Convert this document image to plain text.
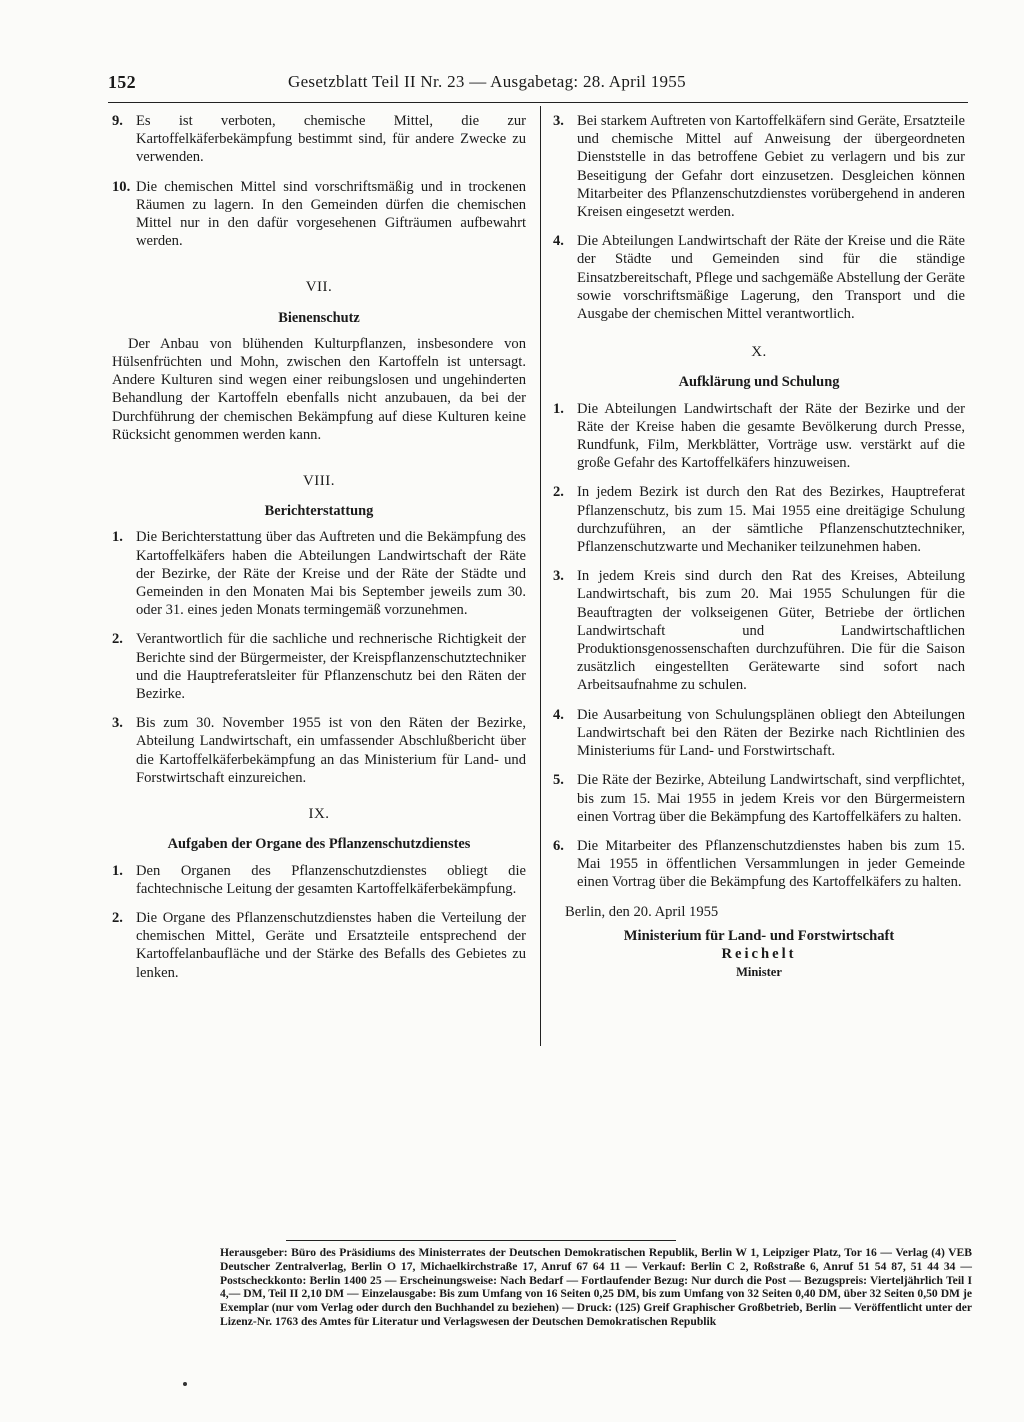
152	Gesetzblatt Teil II Nr. 23 — Ausgabetag: 28. April 1955
9. Es ist verboten, chemische Mittel, die zur Kartoffelkäferbekämpfung bestimmt sind, für andere Zwecke zu verwenden.
10. Die chemischen Mittel sind vorschriftsmäßig und in trockenen Räumen zu lagern. In den Gemeinden dürfen die chemischen Mittel nur in den dafür vorgesehenen Gifträumen aufbewahrt werden.
VII.
Bienenschutz
Der Anbau von blühenden Kulturpflanzen, insbesondere von Hülsenfrüchten und Mohn, zwischen den Kartoffeln ist untersagt. Andere Kulturen sind wegen einer reibungslosen und ungehinderten Behandlung der Kartoffeln ebenfalls nicht anzubauen, da bei der Durchführung der chemischen Bekämpfung auf diese Kulturen keine Rücksicht genommen werden kann.
VIII.
Berichterstattung
1. Die Berichterstattung über das Auftreten und die Bekämpfung des Kartoffelkäfers haben die Abteilungen Landwirtschaft der Räte der Bezirke, der Räte der Kreise und der Räte der Städte und Gemeinden in den Monaten Mai bis September jeweils zum 30. oder 31. eines jeden Monats termingemäß vorzunehmen.
2. Verantwortlich für die sachliche und rechnerische Richtigkeit der Berichte sind der Bürgermeister, der Kreispflanzenschutztechniker und die Hauptreferatsleiter für Pflanzenschutz bei den Räten der Bezirke.
3. Bis zum 30. November 1955 ist von den Räten der Bezirke, Abteilung Landwirtschaft, ein umfassender Abschlußbericht über die Kartoffelkäferbekämpfung an das Ministerium für Land- und Forstwirtschaft einzureichen.
IX.
Aufgaben der Organe des Pflanzenschutzdienstes
1. Den Organen des Pflanzenschutzdienstes obliegt die fachtechnische Leitung der gesamten Kartoffelkäferbekämpfung.
2. Die Organe des Pflanzenschutzdienstes haben die Verteilung der chemischen Mittel, Geräte und Ersatzteile entsprechend der Kartoffelanbaufläche und der Stärke des Befalls des Gebietes zu lenken.
3. Bei starkem Auftreten von Kartoffelkäfern sind Geräte, Ersatzteile und chemische Mittel auf Anweisung der übergeordneten Dienststelle in das betroffene Gebiet zu verlagern und bis zur Beseitigung der Gefahr dort einzusetzen. Desgleichen können Mitarbeiter des Pflanzenschutzdienstes vorübergehend in anderen Kreisen eingesetzt werden.
4. Die Abteilungen Landwirtschaft der Räte der Kreise und die Räte der Städte und Gemeinden sind für die ständige Einsatzbereitschaft, Pflege und sachgemäße Abstellung der Geräte sowie vorschriftsmäßige Lagerung, den Transport und die Ausgabe der chemischen Mittel verantwortlich.
X.
Aufklärung und Schulung
1. Die Abteilungen Landwirtschaft der Räte der Bezirke und der Räte der Kreise haben die gesamte Bevölkerung durch Presse, Rundfunk, Film, Merkblätter, Vorträge usw. verstärkt auf die große Gefahr des Kartoffelkäfers hinzuweisen.
2. In jedem Bezirk ist durch den Rat des Bezirkes, Hauptreferat Pflanzenschutz, bis zum 15. Mai 1955 eine dreitägige Schulung durchzuführen, an der sämtliche Pflanzenschutztechniker, Pflanzenschutzwarte und Mechaniker teilzunehmen haben.
3. In jedem Kreis sind durch den Rat des Kreises, Abteilung Landwirtschaft, bis zum 20. Mai 1955 Schulungen für die Beauftragten der volkseigenen Güter, Betriebe der örtlichen Landwirtschaft und Landwirtschaftlichen Produktionsgenossenschaften durchzuführen. Die für die Saison zusätzlich eingestellten Gerätewarte sind sofort nach Arbeitsaufnahme zu schulen.
4. Die Ausarbeitung von Schulungsplänen obliegt den Abteilungen Landwirtschaft bei den Räten der Bezirke nach Richtlinien des Ministeriums für Land- und Forstwirtschaft.
5. Die Räte der Bezirke, Abteilung Landwirtschaft, sind verpflichtet, bis zum 15. Mai 1955 in jedem Kreis vor den Bürgermeistern einen Vortrag über die Bekämpfung des Kartoffelkäfers zu halten.
6. Die Mitarbeiter des Pflanzenschutzdienstes haben bis zum 15. Mai 1955 in öffentlichen Versammlungen in jeder Gemeinde einen Vortrag über die Bekämpfung des Kartoffelkäfers zu halten.
Berlin, den 20. April 1955
Ministerium für Land- und Forstwirtschaft
Reichelt
Minister
Herausgeber: Büro des Präsidiums des Ministerrates der Deutschen Demokratischen Republik, Berlin W 1, Leipziger Platz, Tor 16 — Verlag (4) VEB Deutscher Zentralverlag, Berlin O 17, Michaelkirchstraße 17, Anruf 67 64 11 — Verkauf: Berlin C 2, Roßstraße 6, Anruf 51 54 87, 51 44 34 — Postscheckkonto: Berlin 1400 25 — Erscheinungsweise: Nach Bedarf — Fortlaufender Bezug: Nur durch die Post — Bezugspreis: Vierteljährlich Teil I 4,— DM, Teil II 2,10 DM — Einzelausgabe: Bis zum Umfang von 16 Seiten 0,25 DM, bis zum Umfang von 32 Seiten 0,40 DM, über 32 Seiten 0,50 DM je Exemplar (nur vom Verlag oder durch den Buchhandel zu beziehen) — Druck: (125) Greif Graphischer Großbetrieb, Berlin — Veröffentlicht unter der Lizenz-Nr. 1763 des Amtes für Literatur und Verlagswesen der Deutschen Demokratischen Republik
